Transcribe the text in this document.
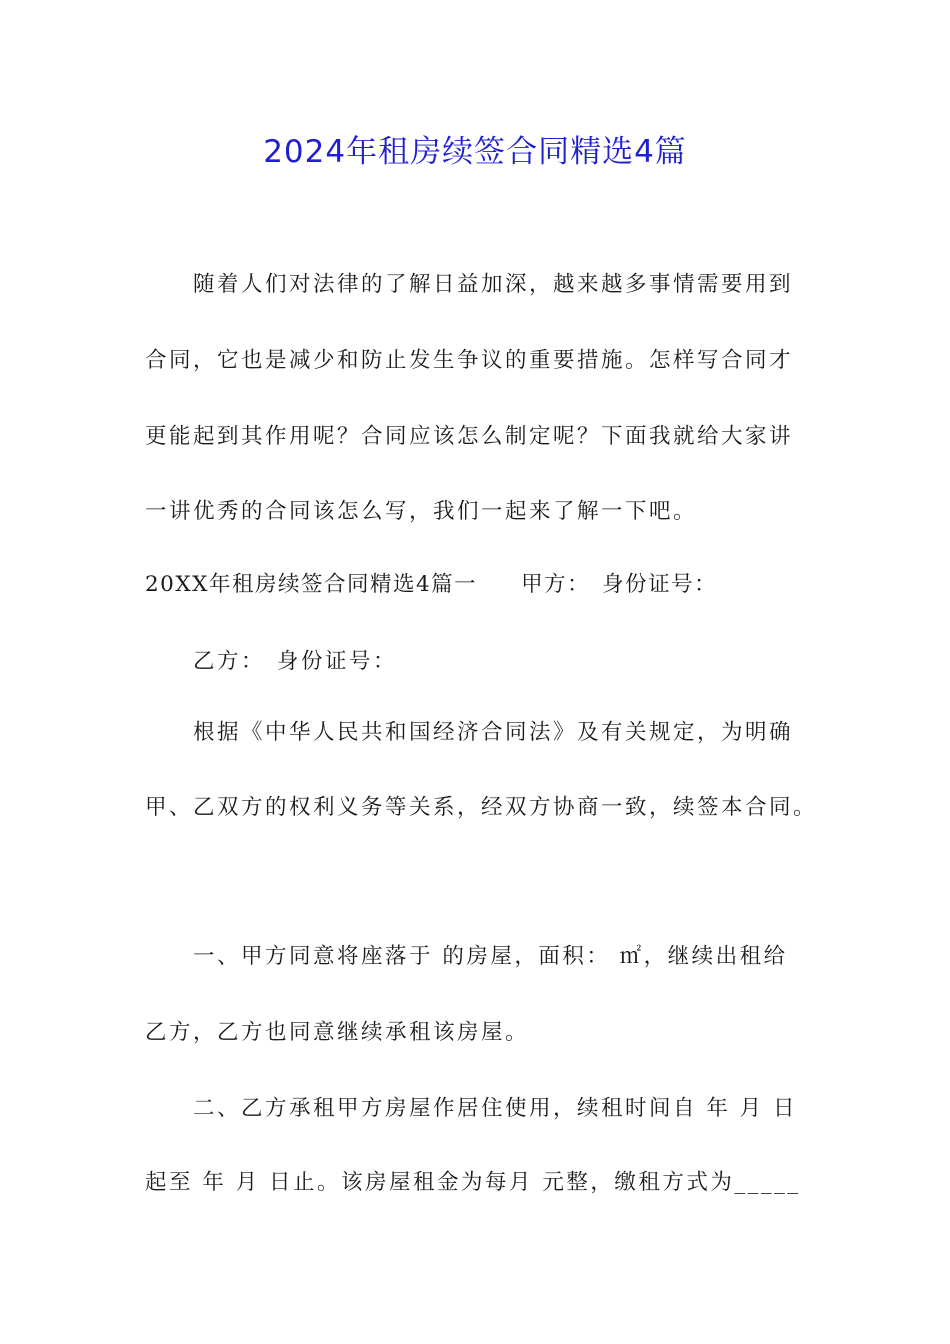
2024年租房续签合同精选4篇
随着人们对法律的了解日益加深，越来越多事情需要用到
合同，它也是减少和防止发生争议的重要措施。怎样写合同才
更能起到其作用呢？合同应该怎么制定呢？下面我就给大家讲
一讲优秀的合同该怎么写，我们一起来了解一下吧。
20XX年租房续签合同精选4篇一 甲方： 身份证号：
乙方： 身份证号：
根据《中华人民共和国经济合同法》及有关规定，为明确
甲、乙双方的权利义务等关系，经双方协商一致，续签本合同。
一、甲方同意将座落于 的房屋，面积： ㎡，继续出租给
乙方，乙方也同意继续承租该房屋。
二、乙方承租甲方房屋作居住使用，续租时间自 年 月 日
起至 年 月 日止。该房屋租金为每月 元整，缴租方式为_____
